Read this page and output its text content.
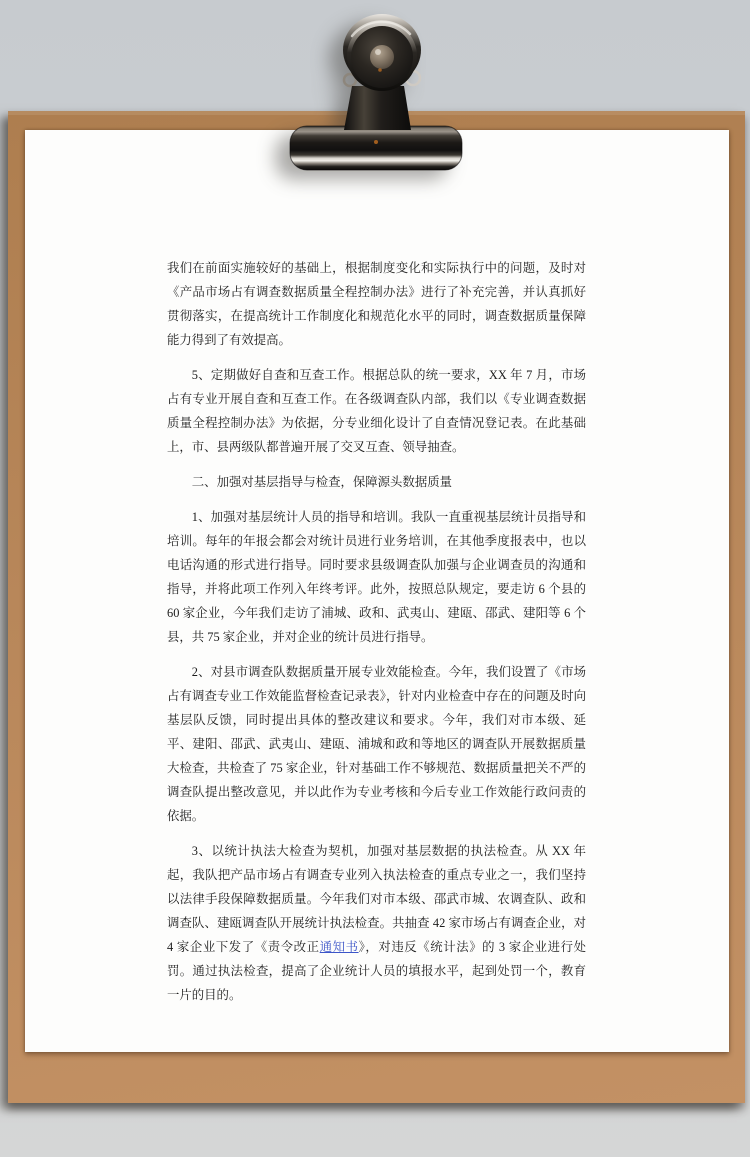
我们在前面实施较好的基础上，根据制度变化和实际执行中的问题，及时对《产品市场占有调查数据质量全程控制办法》进行了补充完善，并认真抓好贯彻落实，在提高统计工作制度化和规范化水平的同时，调查数据质量保障能力得到了有效提高。

5、定期做好自查和互查工作。根据总队的统一要求，XX 年 7 月，市场占有专业开展自查和互查工作。在各级调查队内部，我们以《专业调查数据质量全程控制办法》为依据，分专业细化设计了自查情况登记表。在此基础上，市、县两级队都普遍开展了交叉互查、领导抽查。

二、加强对基层指导与检查，保障源头数据质量

1、加强对基层统计人员的指导和培训。我队一直重视基层统计员指导和培训。每年的年报会都会对统计员进行业务培训，在其他季度报表中，也以电话沟通的形式进行指导。同时要求县级调查队加强与企业调查员的沟通和指导，并将此项工作列入年终考评。此外，按照总队规定，要走访 6 个县的 60 家企业，今年我们走访了浦城、政和、武夷山、建瓯、邵武、建阳等 6 个县，共 75 家企业，并对企业的统计员进行指导。

2、对县市调查队数据质量开展专业效能检查。今年，我们设置了《市场占有调查专业工作效能监督检查记录表》，针对内业检查中存在的问题及时向基层队反馈，同时提出具体的整改建议和要求。今年，我们对市本级、延平、建阳、邵武、武夷山、建瓯、浦城和政和等地区的调查队开展数据质量大检查，共检查了 75 家企业，针对基础工作不够规范、数据质量把关不严的调查队提出整改意见，并以此作为专业考核和今后专业工作效能行政问责的依据。

3、以统计执法大检查为契机，加强对基层数据的执法检查。从 XX 年起，我队把产品市场占有调查专业列入执法检查的重点专业之一，我们坚持以法律手段保障数据质量。今年我们对市本级、邵武市城、农调查队、政和调查队、建瓯调查队开展统计执法检查。共抽查 42 家市场占有调查企业，对 4 家企业下发了《责令改正通知书》，对违反《统计法》的 3 家企业进行处罚。通过执法检查，提高了企业统计人员的填报水平，起到处罚一个，教育一片的目的。
